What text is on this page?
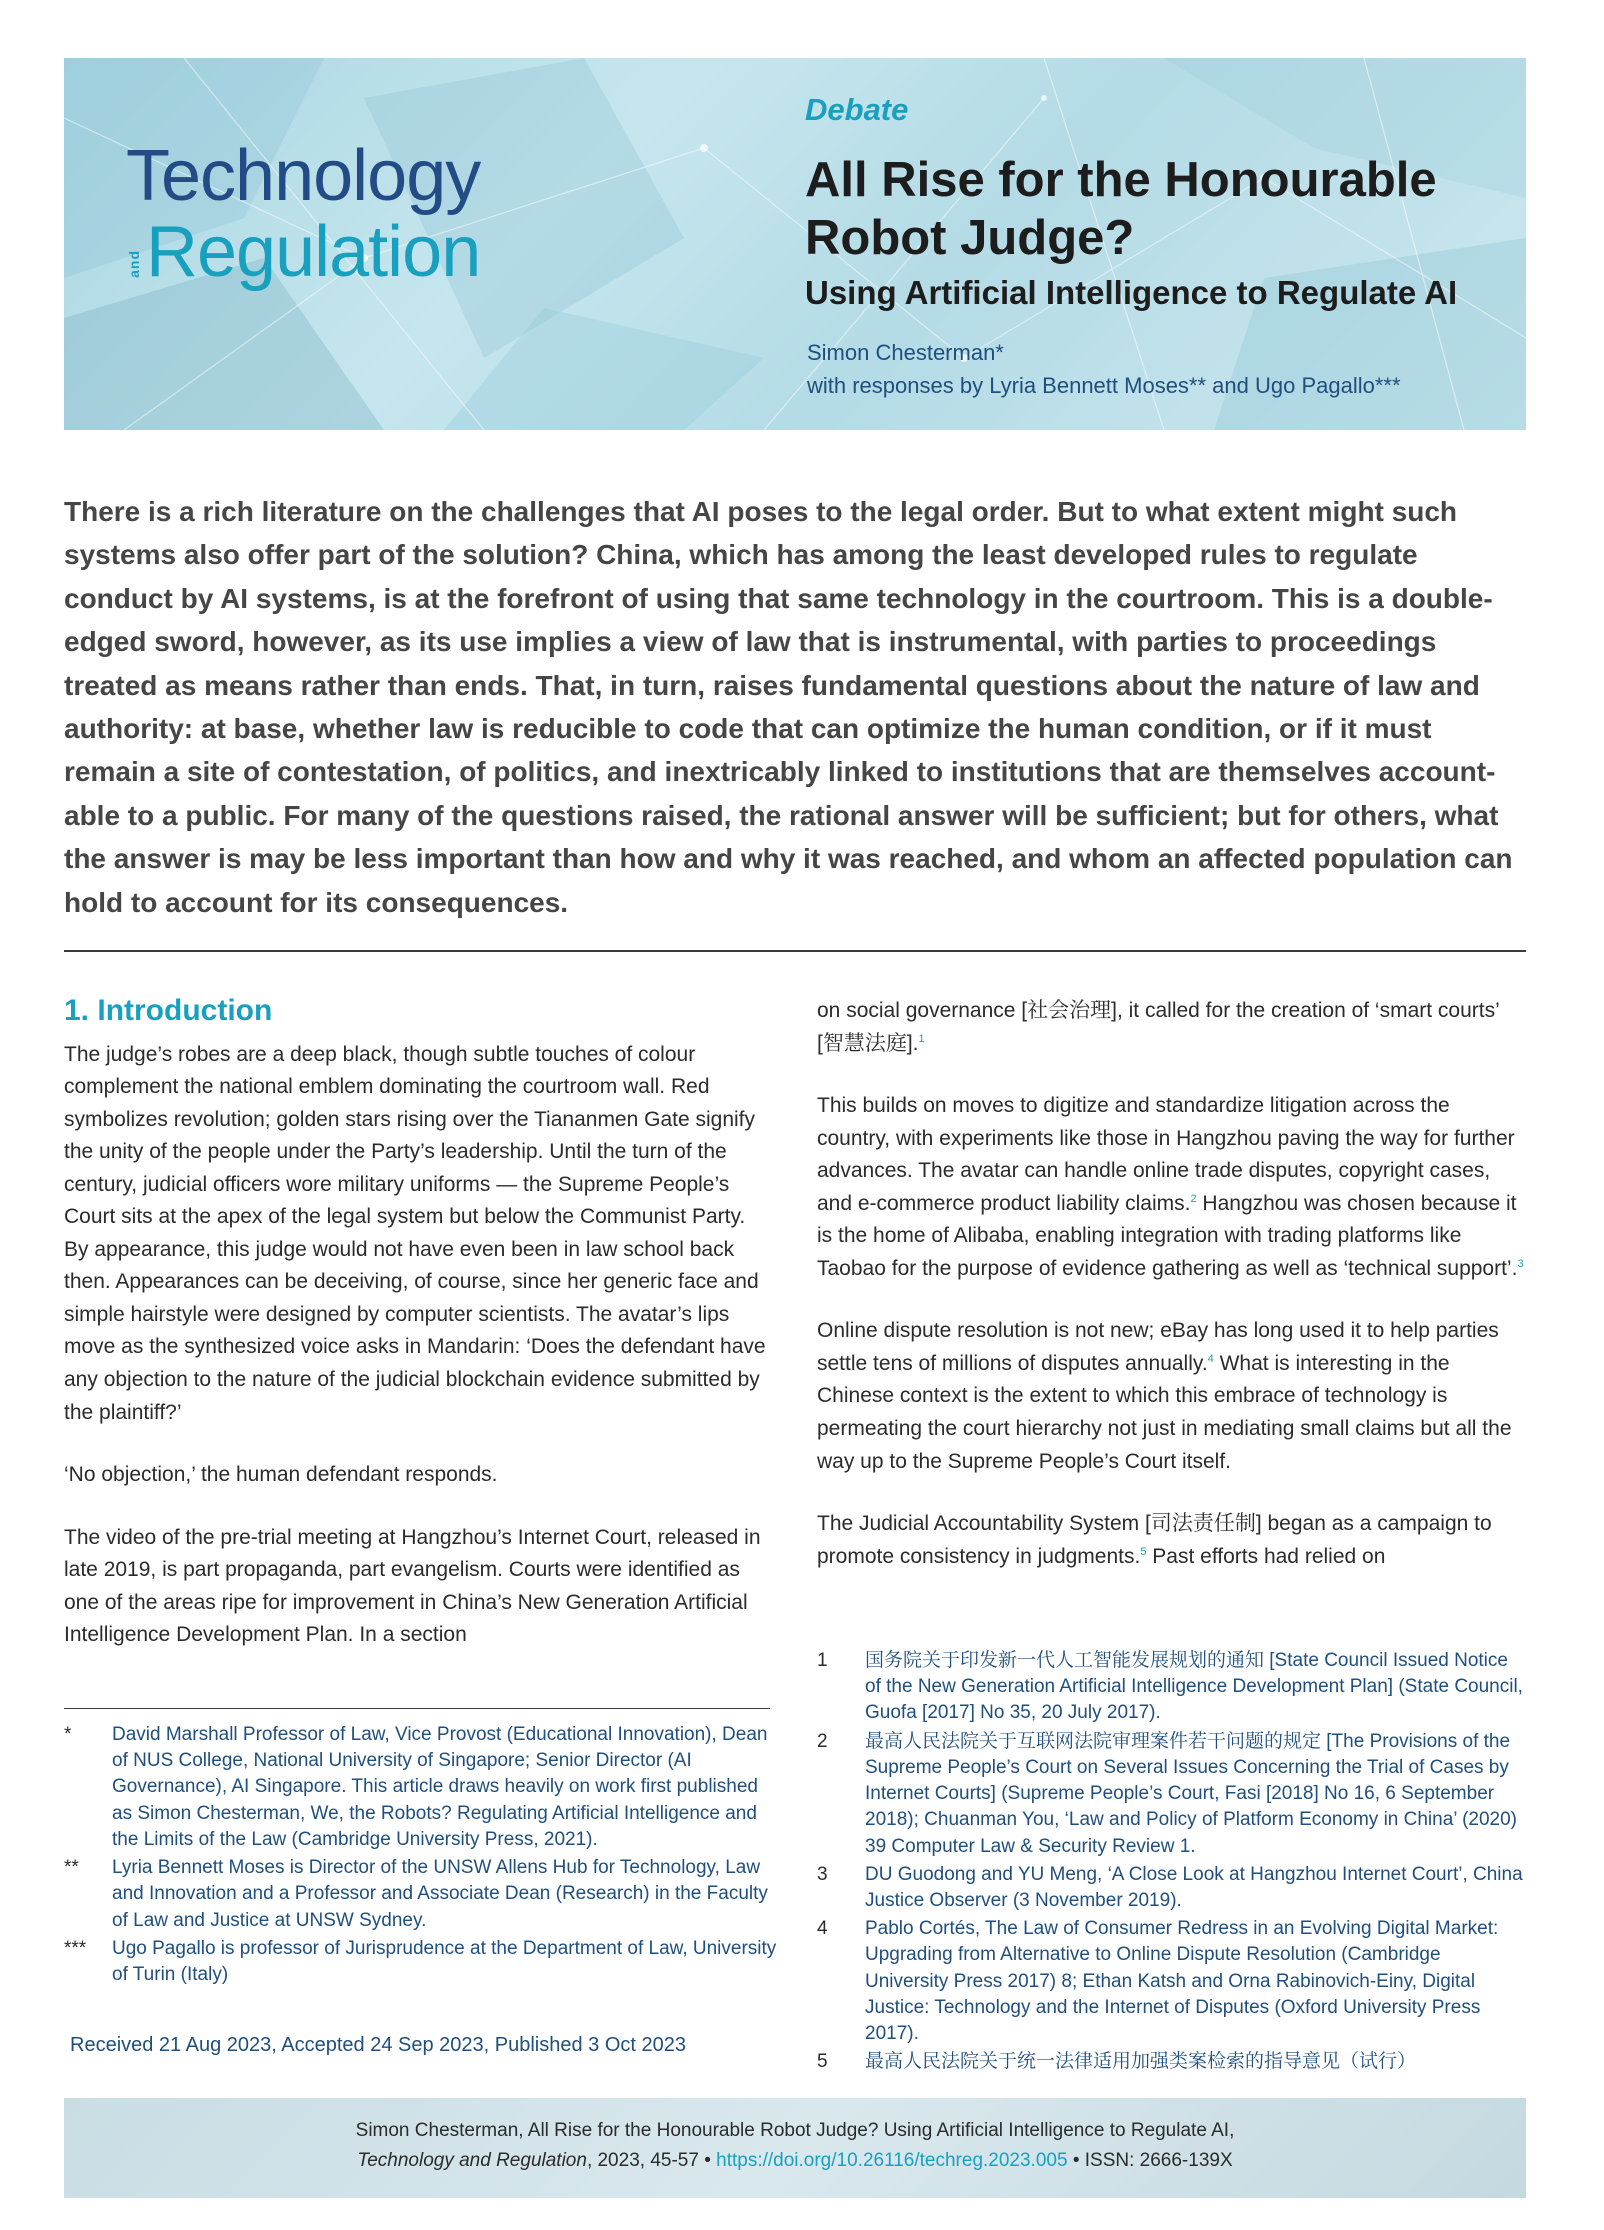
Technology
and Regulation
Debate
All Rise for the Honourable
Robot Judge?
Using Artificial Intelligence to Regulate AI
Simon Chesterman*
with responses by Lyria Bennett Moses** and Ugo Pagallo***
There is a rich literature on the challenges that AI poses to the legal order. But to what extent might such systems also offer part of the solution? China, which has among the least developed rules to regulate conduct by AI systems, is at the forefront of using that same technology in the courtroom. This is a double-edged sword, however, as its use implies a view of law that is instrumental, with parties to proceedings treated as means rather than ends. That, in turn, raises fundamental questions about the nature of law and authority: at base, whether law is reducible to code that can optimize the human condition, or if it must remain a site of contestation, of politics, and inextricably linked to institutions that are themselves accountable to a public. For many of the questions raised, the rational answer will be sufficient; but for others, what the answer is may be less important than how and why it was reached, and whom an affected population can hold to account for its consequences.
1. Introduction

The judge’s robes are a deep black, though subtle touches of colour complement the national emblem dominating the courtroom wall. Red symbolizes revolution; golden stars rising over the Tiananmen Gate signify the unity of the people under the Party’s leadership. Until the turn of the century, judicial officers wore military uniforms — the Supreme People’s Court sits at the apex of the legal system but below the Communist Party. By appearance, this judge would not have even been in law school back then. Appearances can be deceiving, of course, since her generic face and simple hairstyle were designed by computer scientists. The avatar’s lips move as the synthesized voice asks in Mandarin: ‘Does the defendant have any objection to the nature of the judicial blockchain evidence submitted by the plaintiff?’

‘No objection,’ the human defendant responds.

The video of the pre-trial meeting at Hangzhou’s Internet Court, released in late 2019, is part propaganda, part evangelism. Courts were identified as one of the areas ripe for improvement in China’s New Generation Artificial Intelligence Development Plan. In a section

on social governance [社会治理], it called for the creation of ‘smart courts’ [智慧法庭].$^1$

This builds on moves to digitize and standardize litigation across the country, with experiments like those in Hangzhou paving the way for further advances. The avatar can handle online trade disputes, copyright cases, and e-commerce product liability claims.$^2$ Hangzhou was chosen because it is the home of Alibaba, enabling integration with trading platforms like Taobao for the purpose of evidence gathering as well as ‘technical support’.$^3$

Online dispute resolution is not new; eBay has long used it to help parties settle tens of millions of disputes annually.$^4$ What is interesting in the Chinese context is the extent to which this embrace of technology is permeating the court hierarchy not just in mediating small claims but all the way up to the Supreme People’s Court itself.

The Judicial Accountability System [司法责任制] began as a campaign to promote consistency in judgments.$^5$ Past efforts had relied on

*	David Marshall Professor of Law, Vice Provost (Educational Innovation), Dean of NUS College, National University of Singapore; Senior Director (AI Governance), AI Singapore. This article draws heavily on work first published as Simon Chesterman, We, the Robots? Regulating Artificial Intelligence and the Limits of the Law (Cambridge University Press, 2021).
**	Lyria Bennett Moses is Director of the UNSW Allens Hub for Technology, Law and Innovation and a Professor and Associate Dean (Research) in the Faculty of Law and Justice at UNSW Sydney.
***	Ugo Pagallo is professor of Jurisprudence at the Department of Law, University of Turin (Italy)
Received 21 Aug 2023, Accepted 24 Sep 2023, Published 3 Oct 2023
1	国务院关于印发新一代人工智能发展规划的通知 [State Council Issued Notice of the New Generation Artificial Intelligence Development Plan] (State Council, Guofa [2017] No 35, 20 July 2017).
2	最高人民法院关于互联网法院审理案件若干问题的规定 [The Provisions of the Supreme People’s Court on Several Issues Concerning the Trial of Cases by Internet Courts] (Supreme People’s Court, Fasi [2018] No 16, 6 September 2018); Chuanman You, ‘Law and Policy of Platform Economy in China’ (2020) 39 Computer Law & Security Review 1.
3	DU Guodong and YU Meng, ‘A Close Look at Hangzhou Internet Court’, China Justice Observer (3 November 2019).
4	Pablo Cortés, The Law of Consumer Redress in an Evolving Digital Market: Upgrading from Alternative to Online Dispute Resolution (Cambridge University Press 2017) 8; Ethan Katsh and Orna Rabinovich-Einy, Digital Justice: Technology and the Internet of Disputes (Oxford University Press 2017).
5	最高人民法院关于统一法律适用加强类案检索的指导意见（试行）
Simon Chesterman, All Rise for the Honourable Robot Judge? Using Artificial Intelligence to Regulate AI,
Technology and Regulation, 2023, 45-57 • https://doi.org/10.26116/techreg.2023.005 • ISSN: 2666-139X
